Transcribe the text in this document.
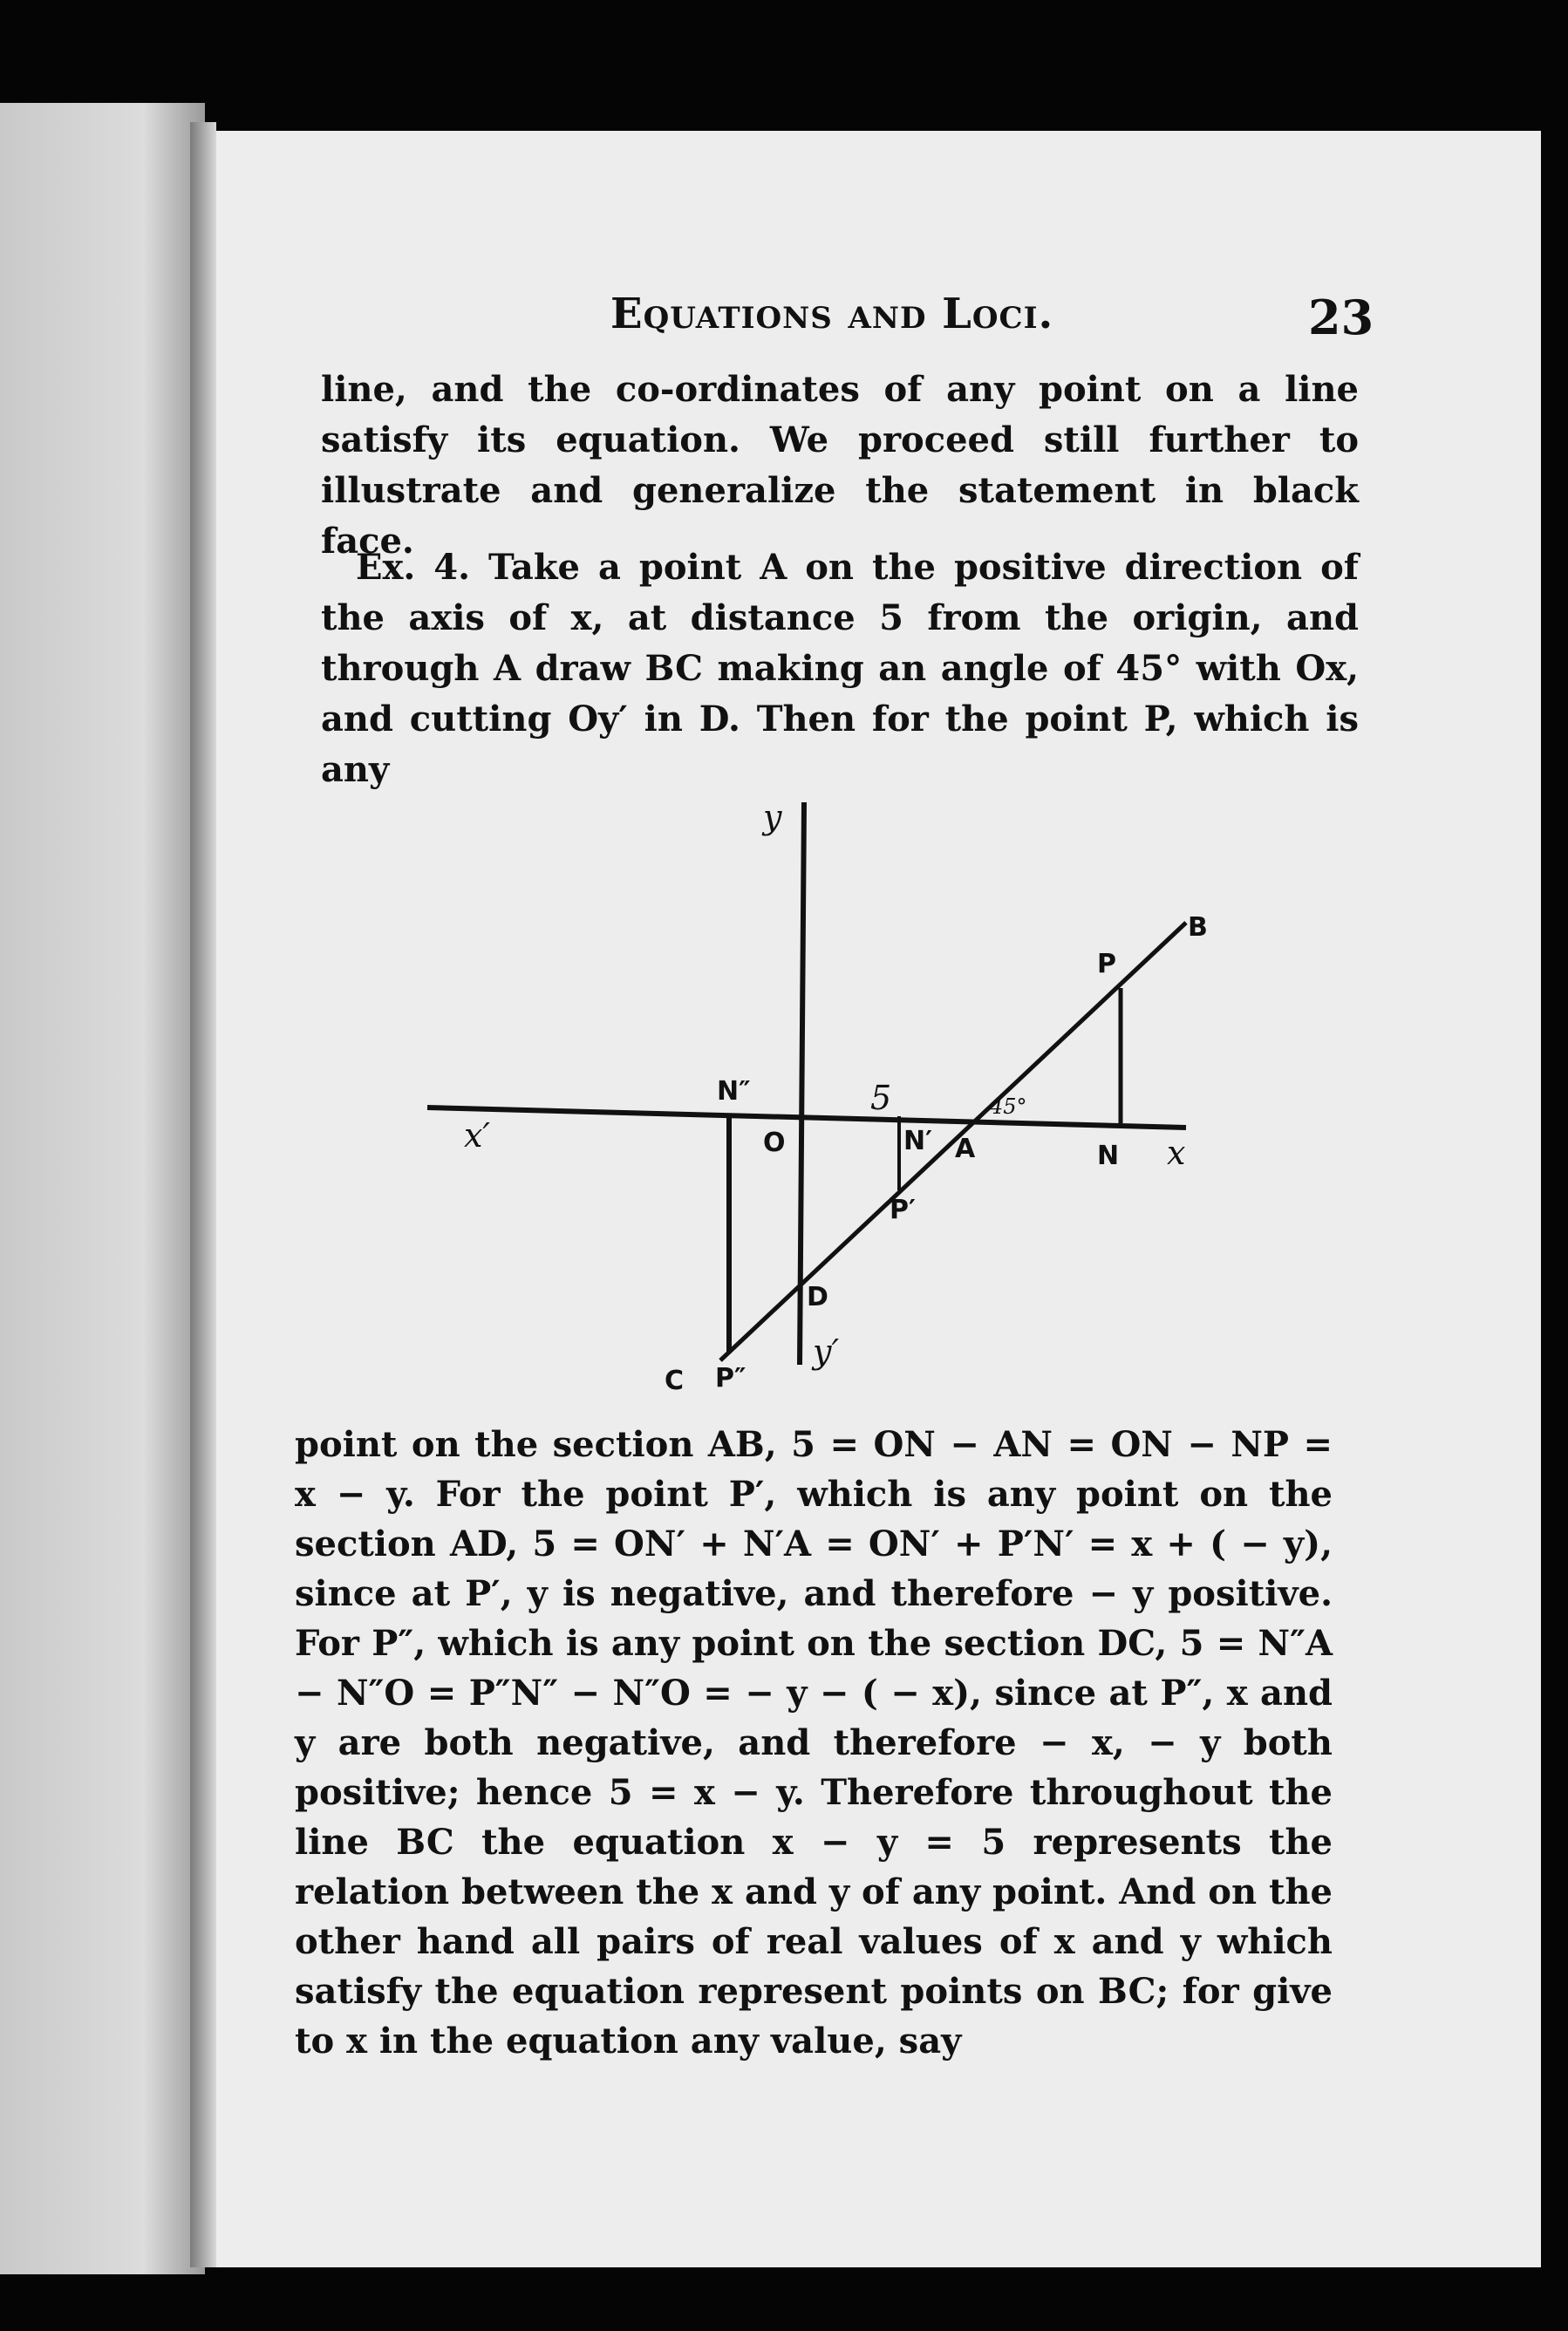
Equations and Loci.	23

line, and the co-ordinates of any point on a line satisfy its equation. We proceed still further to illustrate and generalize the statement in black face.

Ex. 4. Take a point A on the positive direction of the axis of x, at distance 5 from the origin, and through A draw BC making an angle of 45° with Ox, and cutting Oy′ in D. Then for the point P, which is any

y
y′
x
x′	O	N
N′
N″
A
B
C
D
P
P′
P″
5	45°

point on the section AB, 5 = ON − AN = ON − NP = x − y. For the point P′, which is any point on the section AD, 5 = ON′ + N′A = ON′ + P′N′ = x + ( − y), since at P′, y is negative, and therefore − y positive. For P″, which is any point on the section DC, 5 = N″A − N″O = P″N″ − N″O = − y − ( − x), since at P″, x and y are both negative, and therefore − x, − y both positive; hence 5 = x − y. Therefore throughout the line BC the equation x − y = 5 represents the relation between the x and y of any point. And on the other hand all pairs of real values of x and y which satisfy the equation represent points on BC; for give to x in the equation any value, say
